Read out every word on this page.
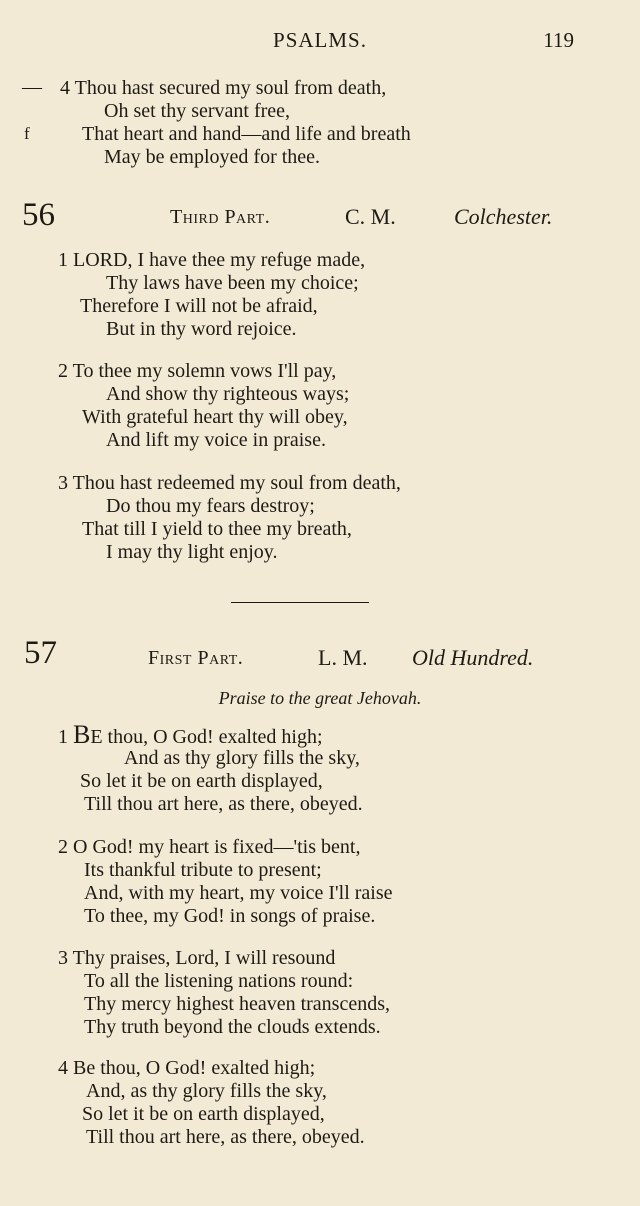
PSALMS.	119
— 4 Thou hast secured my soul from death,
Oh set thy servant free,
f	That heart and hand—and life and breath
May be employed for thee.
56	Third Part.	C. M.	Colchester.
1 LORD, I have thee my refuge made,
Thy laws have been my choice;
Therefore I will not be afraid,
But in thy word rejoice.
2 To thee my solemn vows I'll pay,
And show thy righteous ways;
With grateful heart thy will obey,
And lift my voice in praise.
3 Thou hast redeemed my soul from death,
Do thou my fears destroy;
That till I yield to thee my breath,
I may thy light enjoy.
57	First Part.	L. M. Old Hundred.
Praise to the great Jehovah.
1 BE thou, O God! exalted high;
And as thy glory fills the sky,
So let it be on earth displayed,
Till thou art here, as there, obeyed.
2 O God! my heart is fixed—'tis bent,
Its thankful tribute to present;
And, with my heart, my voice I'll raise
To thee, my God! in songs of praise.
3 Thy praises, Lord, I will resound
To all the listening nations round:
Thy mercy highest heaven transcends,
Thy truth beyond the clouds extends.
4 Be thou, O God! exalted high;
And, as thy glory fills the sky,
So let it be on earth displayed,
Till thou art here, as there, obeyed.
